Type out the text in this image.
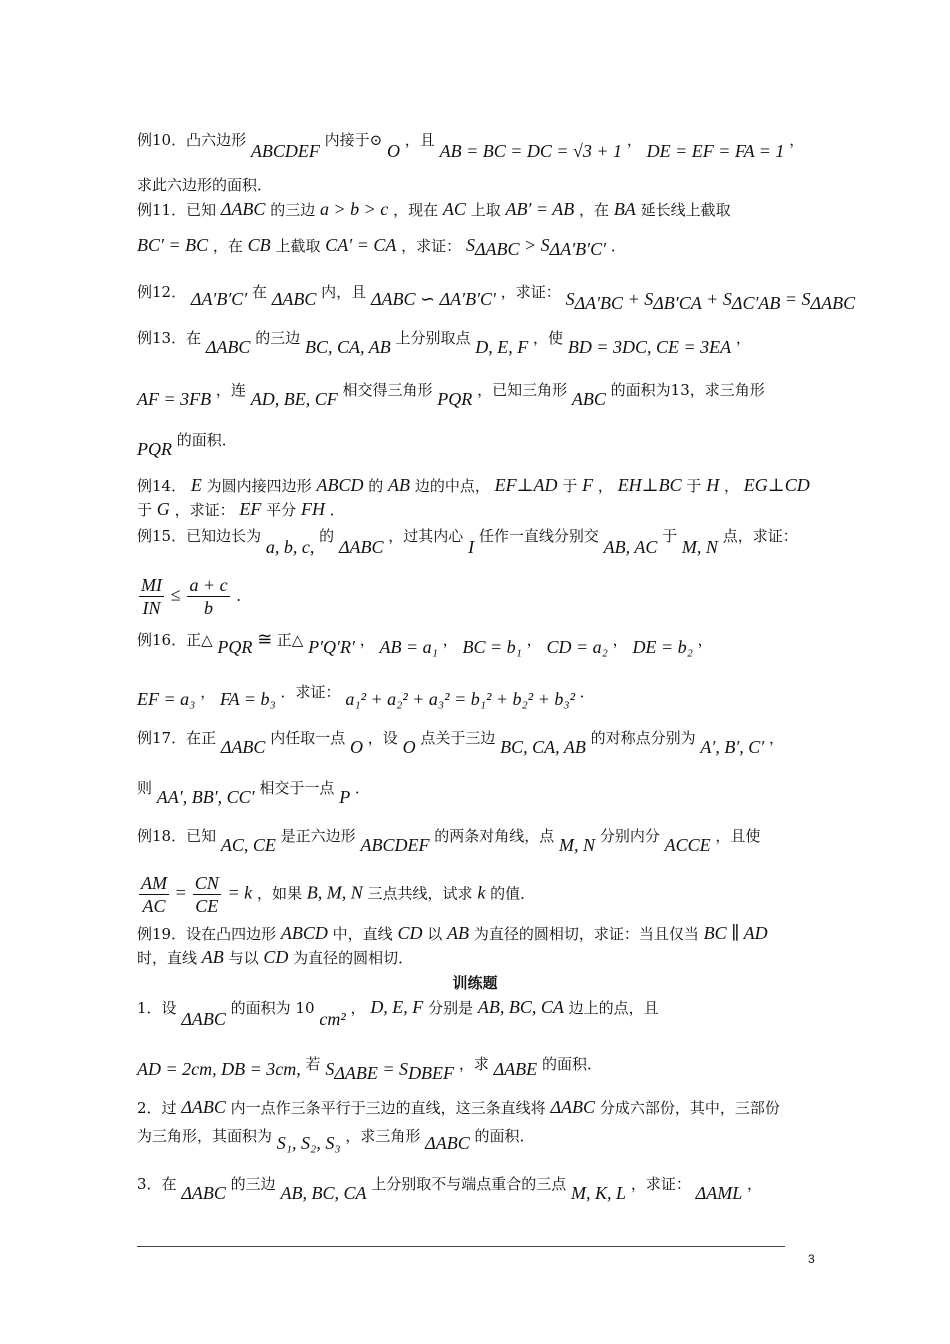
例10．凸六边形 ABCDEF 内接于⊙ O ，且 AB = BC = DC = √3 + 1 ， DE = EF = FA = 1 ，
求此六边形的面积．
例11．已知 ΔABC 的三边 a > b > c ，现在 AC 上取 AB′ = AB ，在 BA 延长线上截取
BC′ = BC ，在 CB 上截取 CA′ = CA ，求证： $S_{\Delta ABC} > S_{\Delta A'B'C'}$ ．
例12． ΔA′B′C′ 在 ΔABC 内，且 ΔABC ∽ ΔA′B′C′ ，求证： $S_{\Delta A'BC} + S_{\Delta B'CA} + S_{\Delta C'AB} = S_{\Delta ABC}$
例13．在 ΔABC 的三边 BC, CA, AB 上分别取点 D, E, F ，使 BD = 3DC, CE = 3EA ，
AF = 3FB ，连 AD, BE, CF 相交得三角形 PQR ，已知三角形 ABC 的面积为13，求三角形
PQR 的面积．
例14． E 为圆内接四边形 ABCD 的 AB 边的中点， EF⊥AD 于 F ， EH⊥BC 于 H ， EG⊥CD
于 G ，求证： EF 平分 FH ．
例15．已知边长为 a, b, c, 的 ΔABC ，过其内心 I 任作一直线分别交 AB, AC 于 M, N 点，求证：
$\frac{MI}{IN} \le \frac{a + c}{b}$ ．
例16．正△ PQR ≅ 正△ P′Q′R′ ， AB = a₁ ， BC = b₁ ， CD = a₂ ， DE = b₂ ，
EF = a₃ ， FA = b₃ ．求证： a₁² + a₂² + a₃² = b₁² + b₂² + b₃² ．
例17．在正 ΔABC 内任取一点 O ，设 O 点关于三边 BC, CA, AB 的对称点分别为 A′, B′, C′ ，
则 AA′, BB′, CC′ 相交于一点 P ．
例18．已知 AC, CE 是正六边形 ABCDEF 的两条对角线，点 M, N 分别内分 ACCE ，且使
$\frac{AM}{AC} = \frac{CN}{CE} = k$ ，如果 B, M, N 三点共线，试求 k 的值．
例19．设在凸四边形 ABCD 中，直线 CD 以 AB 为直径的圆相切，求证：当且仅当 BC ∥ AD
时，直线 AB 与以 CD 为直径的圆相切．
训练题
1．设 ΔABC 的面积为 10 cm² ， D, E, F 分别是 AB, BC, CA 边上的点，且
AD = 2cm, DB = 3cm, 若 $S_{\Delta ABE} = S_{DBEF}$ ，求 ΔABE 的面积．
2．过 ΔABC 内一点作三条平行于三边的直线，这三条直线将 ΔABC 分成六部份，其中，三部份
为三角形，其面积为 S₁, S₂, S₃ ，求三角形 ΔABC 的面积．
3．在 ΔABC 的三边 AB, BC, CA 上分别取不与端点重合的三点 M, K, L ，求证： ΔAML ，
3
